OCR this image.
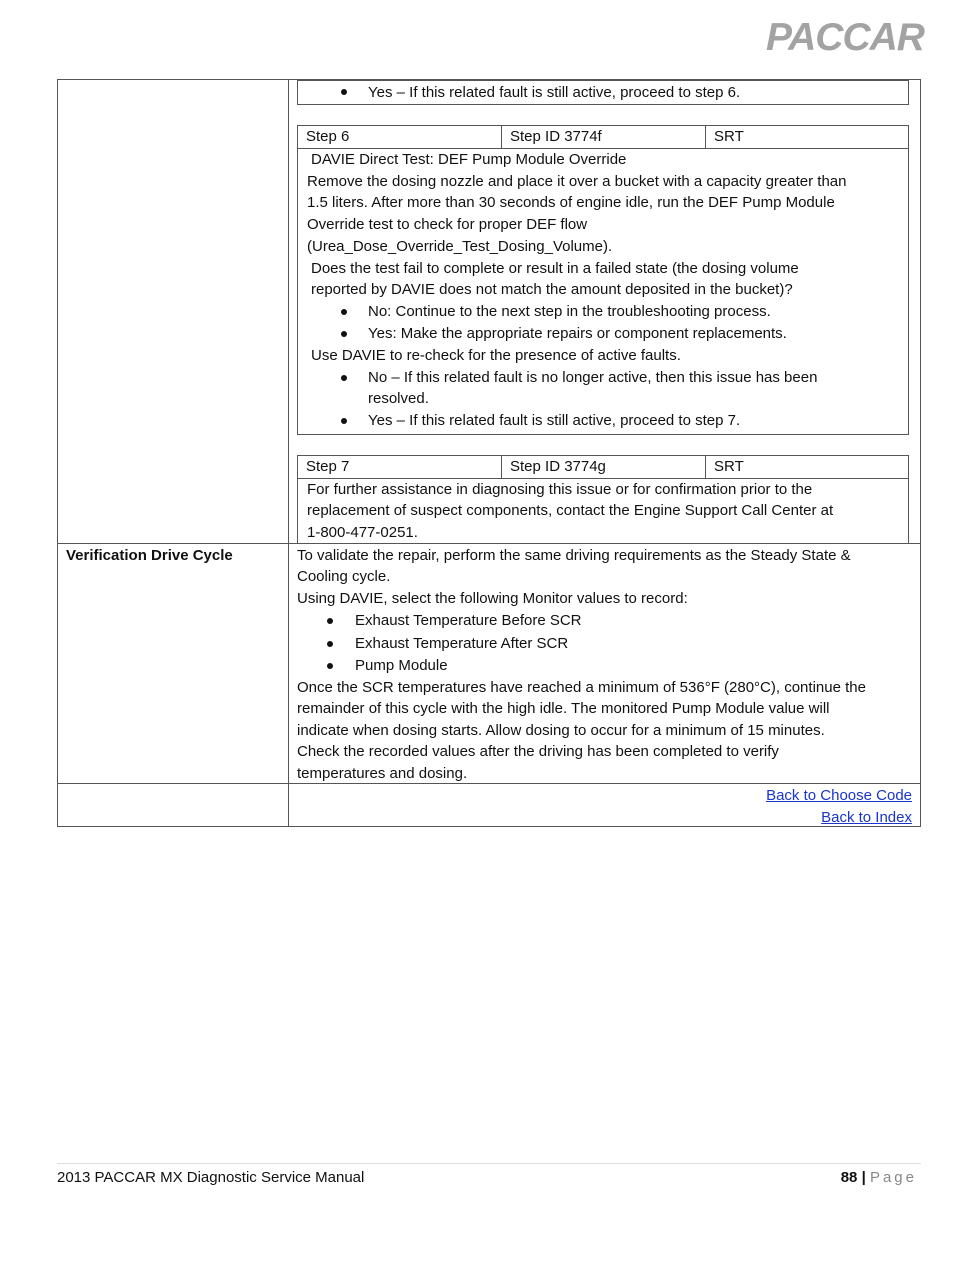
PACCAR
Yes – If this related fault is still active, proceed to step 6.
Step 6	Step ID 3774f	SRT
DAVIE Direct Test: DEF Pump Module Override
Remove the dosing nozzle and place it over a bucket with a capacity greater than
1.5 liters. After more than 30 seconds of engine idle, run the DEF Pump Module
Override test to check for proper DEF flow
(Urea_Dose_Override_Test_Dosing_Volume).
Does the test fail to complete or result in a failed state (the dosing volume
reported by DAVIE does not match the amount deposited in the bucket)?
No: Continue to the next step in the troubleshooting process.
Yes: Make the appropriate repairs or component replacements.
Use DAVIE to re-check for the presence of active faults.
No – If this related fault is no longer active, then this issue has been
resolved.
Yes – If this related fault is still active, proceed to step 7.
Step 7	Step ID 3774g	SRT
For further assistance in diagnosing this issue or for confirmation prior to the
replacement of suspect components, contact the Engine Support Call Center at
1-800-477-0251.
Verification Drive Cycle	To validate the repair, perform the same driving requirements as the Steady State &
Cooling cycle.
Using DAVIE, select the following Monitor values to record:
Exhaust Temperature Before SCR
Exhaust Temperature After SCR
Pump Module
Once the SCR temperatures have reached a minimum of 536°F (280°C), continue the
remainder of this cycle with the high idle. The monitored Pump Module value will
indicate when dosing starts. Allow dosing to occur for a minimum of 15 minutes.
Check the recorded values after the driving has been completed to verify
temperatures and dosing.
Back to Choose Code
Back to Index
2013 PACCAR MX Diagnostic Service Manual	88 | Page
